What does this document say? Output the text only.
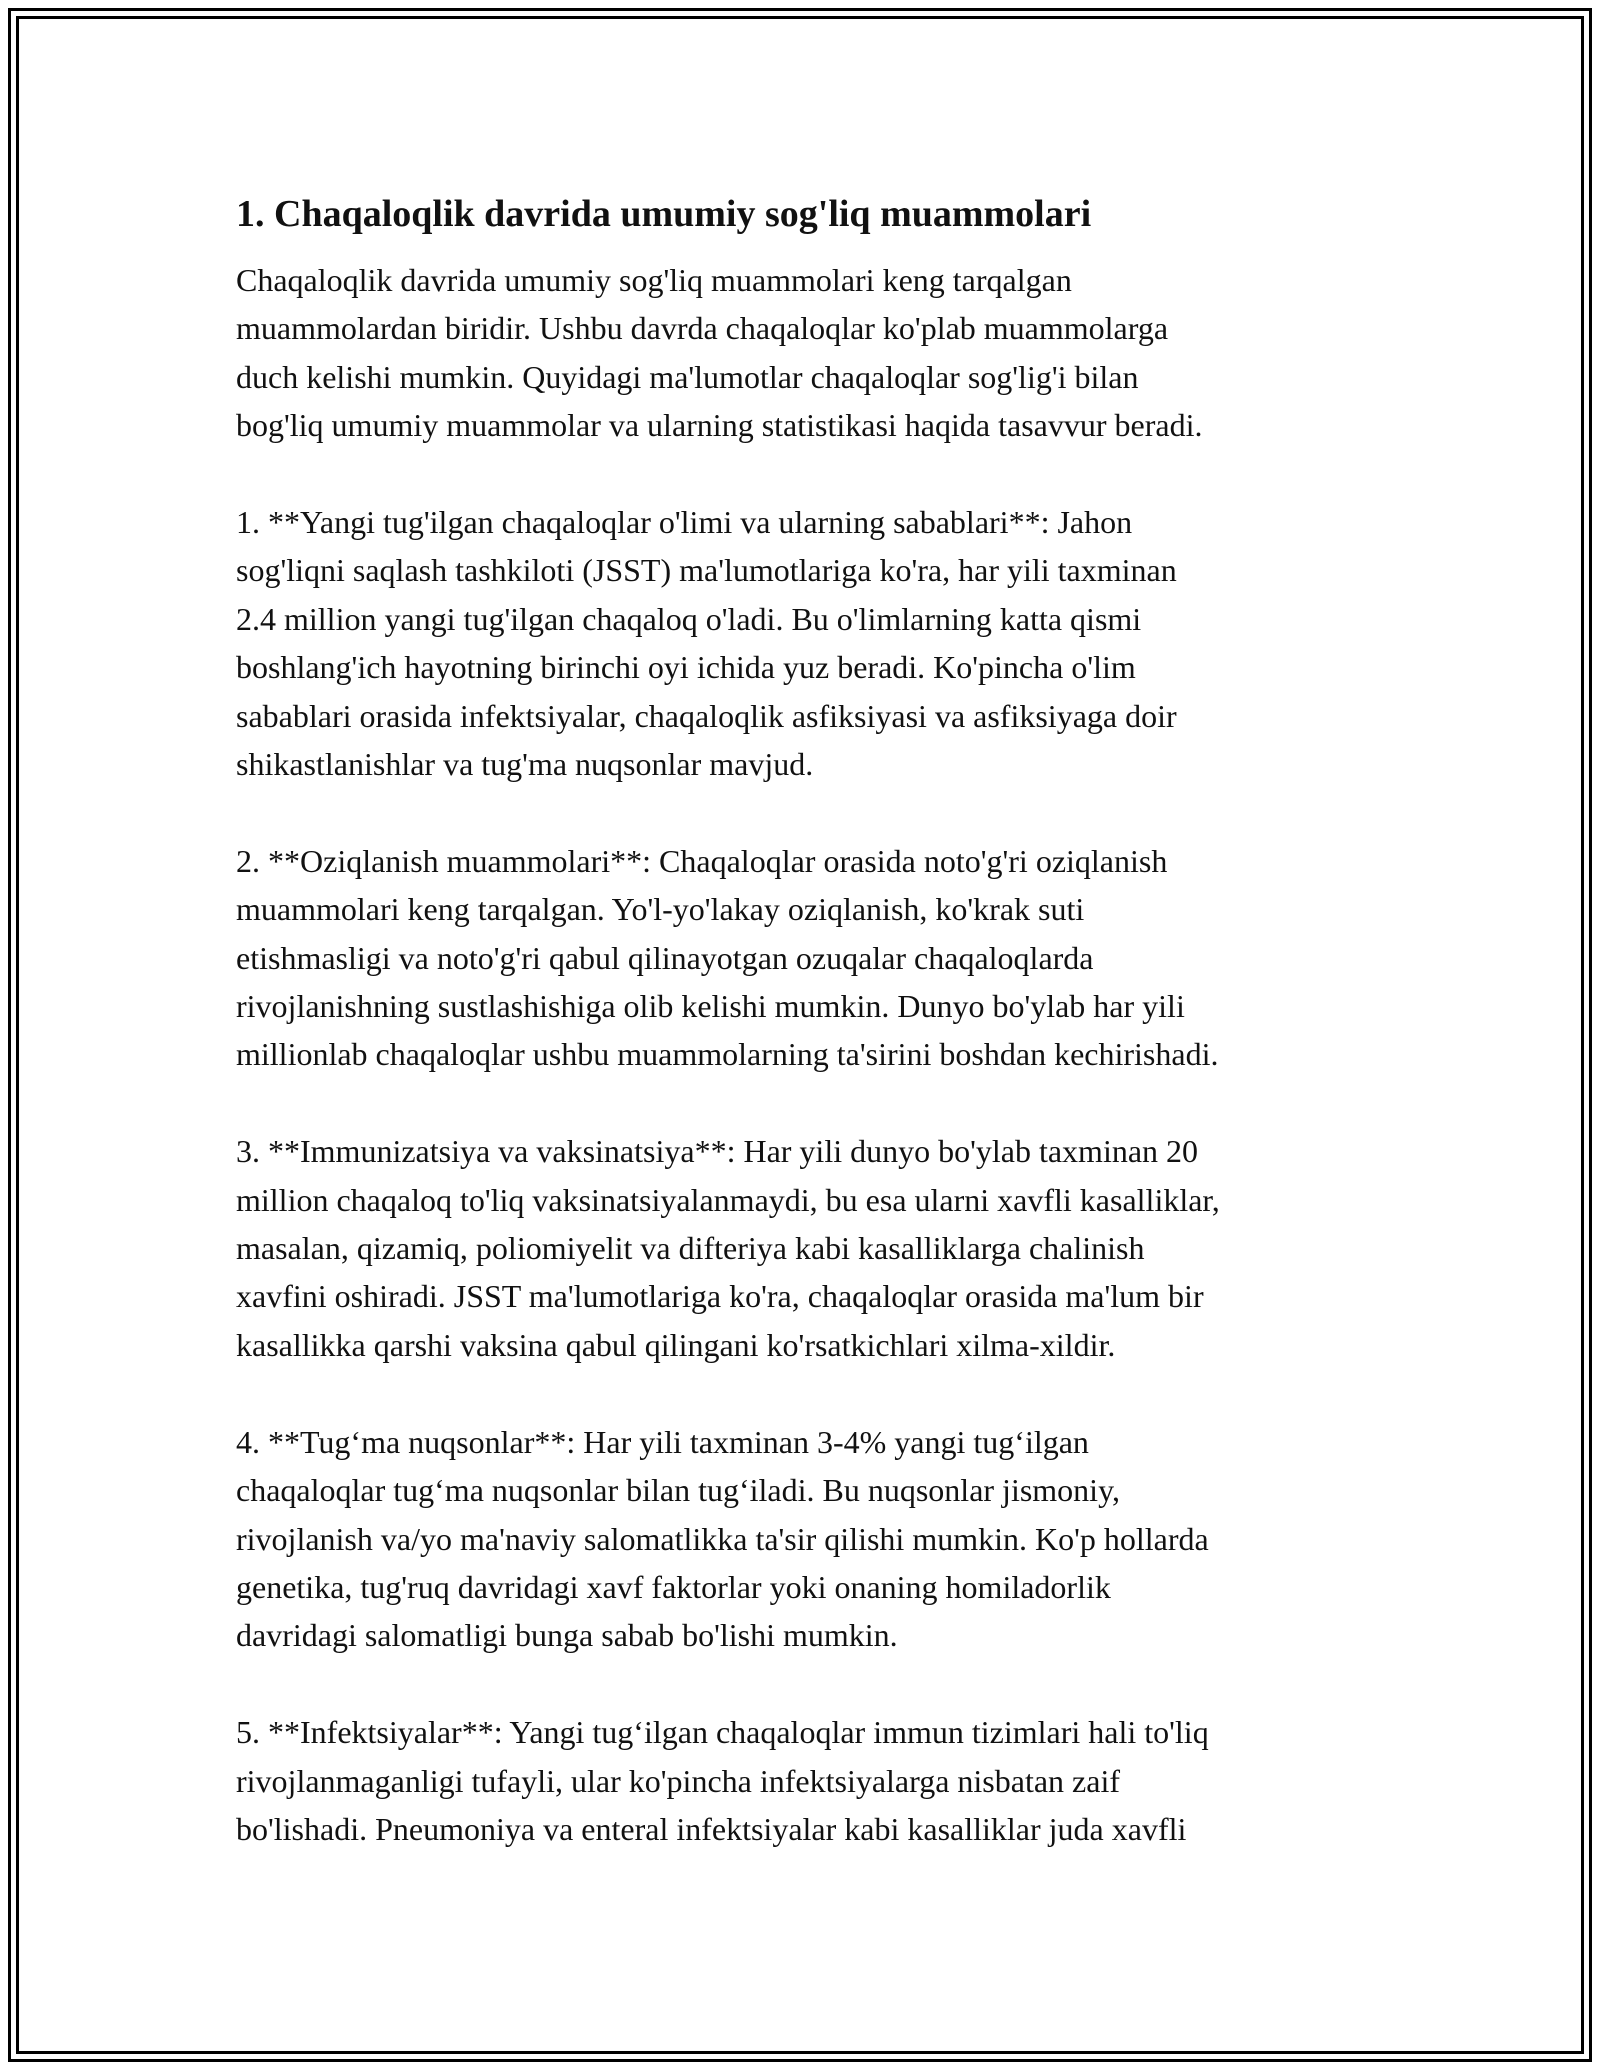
1. Chaqaloqlik davrida umumiy sog'liq muammolari

Chaqaloqlik davrida umumiy sog'liq muammolari keng tarqalgan
muammolardan biridir. Ushbu davrda chaqaloqlar ko'plab muammolarga
duch kelishi mumkin. Quyidagi ma'lumotlar chaqaloqlar sog'lig'i bilan
bog'liq umumiy muammolar va ularning statistikasi haqida tasavvur beradi.

1. **Yangi tug'ilgan chaqaloqlar o'limi va ularning sabablari**: Jahon
sog'liqni saqlash tashkiloti (JSST) ma'lumotlariga ko'ra, har yili taxminan
2.4 million yangi tug'ilgan chaqaloq o'ladi. Bu o'limlarning katta qismi
boshlang'ich hayotning birinchi oyi ichida yuz beradi. Ko'pincha o'lim
sabablari orasida infektsiyalar, chaqaloqlik asfiksiyasi va asfiksiyaga doir
shikastlanishlar va tug'ma nuqsonlar mavjud.

2. **Oziqlanish muammolari**: Chaqaloqlar orasida noto'g'ri oziqlanish
muammolari keng tarqalgan. Yo'l-yo'lakay oziqlanish, ko'krak suti
etishmasligi va noto'g'ri qabul qilinayotgan ozuqalar chaqaloqlarda
rivojlanishning sustlashishiga olib kelishi mumkin. Dunyo bo'ylab har yili
millionlab chaqaloqlar ushbu muammolarning ta'sirini boshdan kechirishadi.

3. **Immunizatsiya va vaksinatsiya**: Har yili dunyo bo'ylab taxminan 20
million chaqaloq to'liq vaksinatsiyalanmaydi, bu esa ularni xavfli kasalliklar,
masalan, qizamiq, poliomiyelit va difteriya kabi kasalliklarga chalinish
xavfini oshiradi. JSST ma'lumotlariga ko'ra, chaqaloqlar orasida ma'lum bir
kasallikka qarshi vaksina qabul qilingani ko'rsatkichlari xilma-xildir.

4. **Tug‘ma nuqsonlar**: Har yili taxminan 3-4% yangi tug‘ilgan
chaqaloqlar tug‘ma nuqsonlar bilan tug‘iladi. Bu nuqsonlar jismoniy,
rivojlanish va/yo ma'naviy salomatlikka ta'sir qilishi mumkin. Ko'p hollarda
genetika, tug'ruq davridagi xavf faktorlar yoki onaning homiladorlik
davridagi salomatligi bunga sabab bo'lishi mumkin.

5. **Infektsiyalar**: Yangi tug‘ilgan chaqaloqlar immun tizimlari hali to'liq
rivojlanmaganligi tufayli, ular ko'pincha infektsiyalarga nisbatan zaif
bo'lishadi. Pneumoniya va enteral infektsiyalar kabi kasalliklar juda xavfli
